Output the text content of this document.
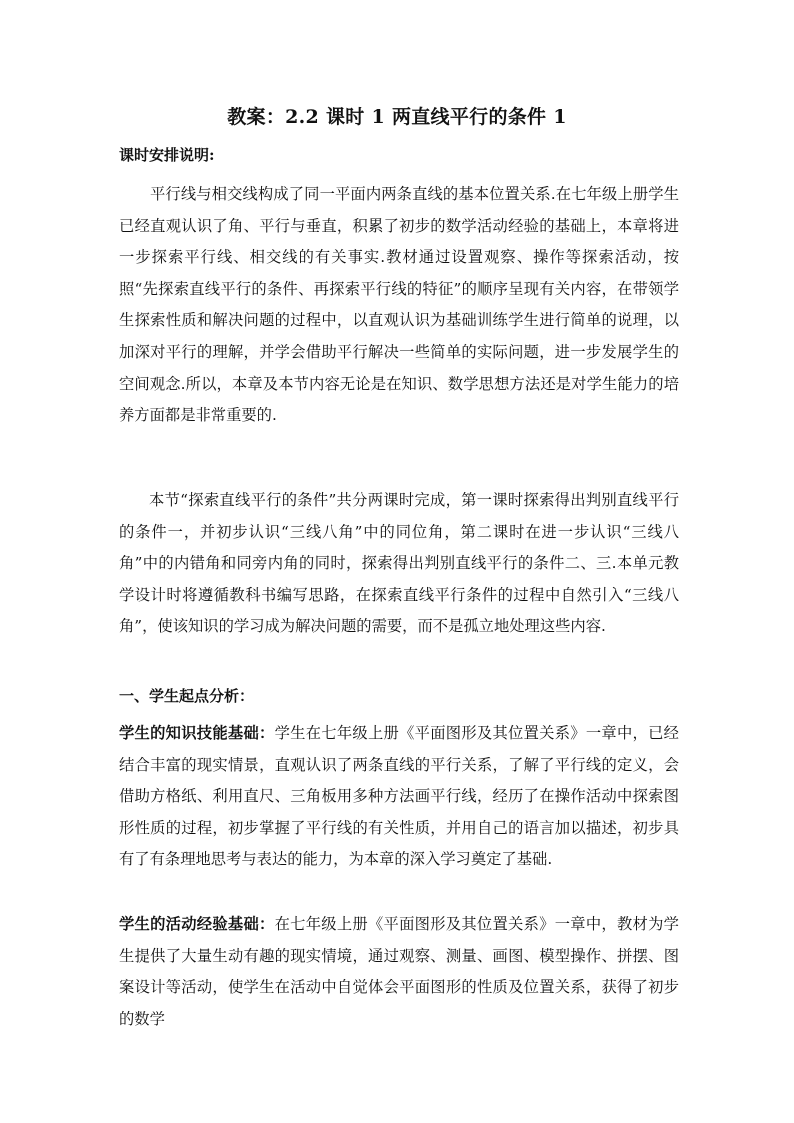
教案：2.2 课时 1 两直线平行的条件 1

课时安排说明:

平行线与相交线构成了同一平面内两条直线的基本位置关系.在七年级上册学生已经直观认识了角、平行与垂直，积累了初步的数学活动经验的基础上，本章将进一步探索平行线、相交线的有关事实.教材通过设置观察、操作等探索活动，按照“先探索直线平行的条件、再探索平行线的特征”的顺序呈现有关内容，在带领学生探索性质和解决问题的过程中，以直观认识为基础训练学生进行简单的说理，以加深对平行的理解，并学会借助平行解决一些简单的实际问题，进一步发展学生的空间观念.所以，本章及本节内容无论是在知识、数学思想方法还是对学生能力的培养方面都是非常重要的.

本节“探索直线平行的条件”共分两课时完成，第一课时探索得出判别直线平行的条件一，并初步认识“三线八角”中的同位角，第二课时在进一步认识“三线八角”中的内错角和同旁内角的同时，探索得出判别直线平行的条件二、三.本单元教学设计时将遵循教科书编写思路，在探索直线平行条件的过程中自然引入“三线八角”，使该知识的学习成为解决问题的需要，而不是孤立地处理这些内容.

一、学生起点分析：

学生的知识技能基础：学生在七年级上册《平面图形及其位置关系》一章中，已经结合丰富的现实情景，直观认识了两条直线的平行关系，了解了平行线的定义，会借助方格纸、利用直尺、三角板用多种方法画平行线，经历了在操作活动中探索图形性质的过程，初步掌握了平行线的有关性质，并用自己的语言加以描述，初步具有了有条理地思考与表达的能力，为本章的深入学习奠定了基础.

学生的活动经验基础：在七年级上册《平面图形及其位置关系》一章中，教材为学生提供了大量生动有趣的现实情境，通过观察、测量、画图、模型操作、拼摆、图案设计等活动，使学生在活动中自觉体会平面图形的性质及位置关系，获得了初步的数学
